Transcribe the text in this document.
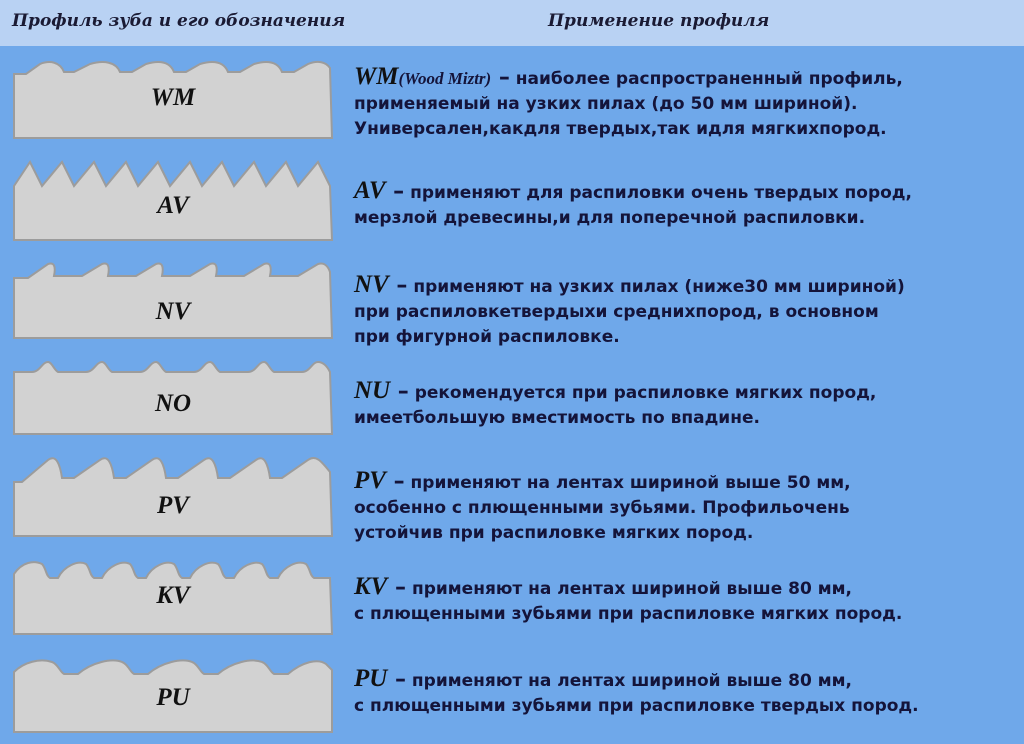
Профиль зуба и его обозначения	Применение профиля
WM
WM(Wood Miztr) – наиболее распространенный профиль,
применяемый на узких пилах (до 50 мм шириной).
Универсален,какдля твердых,так идля мягкихпород.
AV
AV – применяют для распиловки очень твердых пород,
мерзлой древесины,и для поперечной распиловки.
NV
NV – применяют на узких пилах (ниже30 мм шириной)
при распиловкетвердыхи среднихпород, в основном
при фигурной распиловке.
NO	NU – рекомендуется при распиловке мягких пород,
имеетбольшую вместимость по впадине.
PV
PV – применяют на лентах шириной выше 50 мм,
особенно с плющенными зубьями. Профильочень
устойчив при распиловке мягких пород.
KV	KV – применяют на лентах шириной выше 80 мм,
с плющенными зубьями при распиловке мягких пород.
PU
PU – применяют на лентах шириной выше 80 мм,
с плющенными зубьями при распиловке твердых пород.
